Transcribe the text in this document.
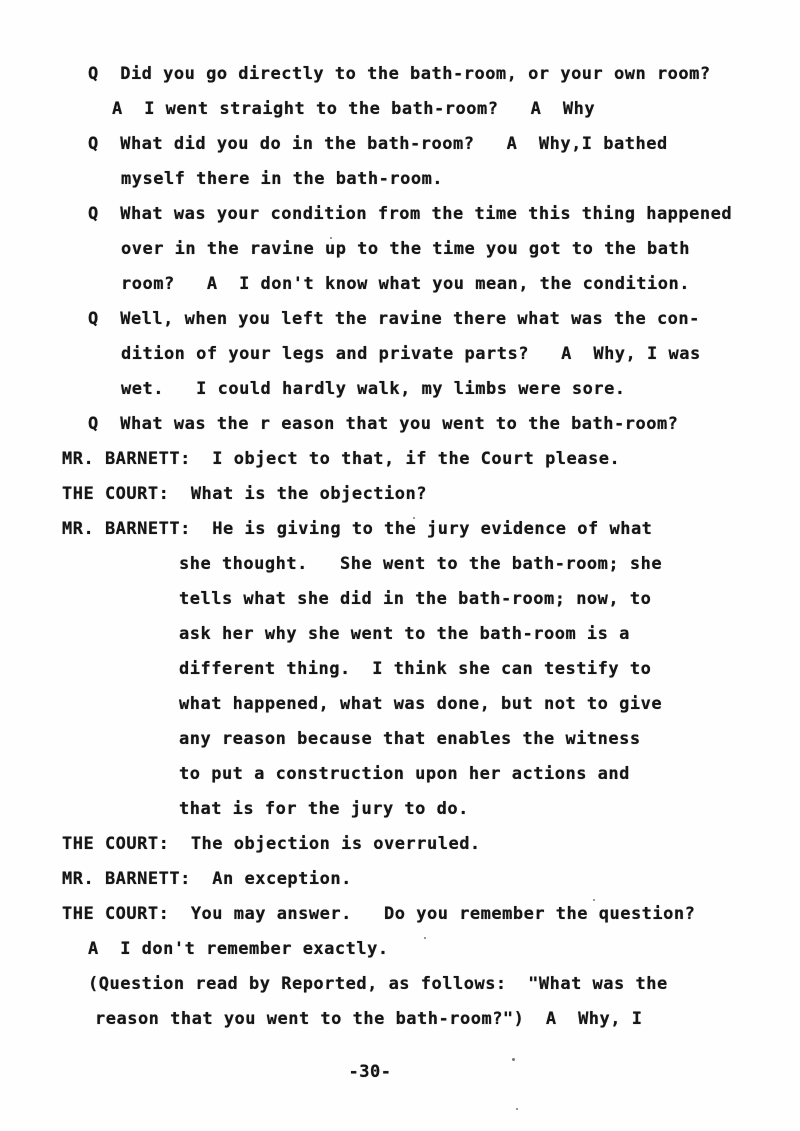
Q  Did you go directly to the bath-room, or your own room?
A  I went straight to the bath-room?   A  Why
Q  What did you do in the bath-room?   A  Why,I bathed
myself there in the bath-room.
Q  What was your condition from the time this thing happened
over in the ravine up to the time you got to the bath
room?   A  I don't know what you mean, the condition.
Q  Well, when you left the ravine there what was the con-
dition of your legs and private parts?   A  Why, I was
wet.   I could hardly walk, my limbs were sore.
Q  What was the r eason that you went to the bath-room?
MR. BARNETT:  I object to that, if the Court please.
THE COURT:  What is the objection?
MR. BARNETT:  He is giving to the jury evidence of what
she thought.   She went to the bath-room; she
tells what she did in the bath-room; now, to
ask her why she went to the bath-room is a
different thing.  I think she can testify to
what happened, what was done, but not to give
any reason because that enables the witness
to put a construction upon her actions and
that is for the jury to do.
THE COURT:  The objection is overruled.
MR. BARNETT:  An exception.
THE COURT:  You may answer.   Do you remember the question?
A  I don't remember exactly.
(Question read by Reported, as follows:  "What was the
reason that you went to the bath-room?")  A  Why, I
-30-
